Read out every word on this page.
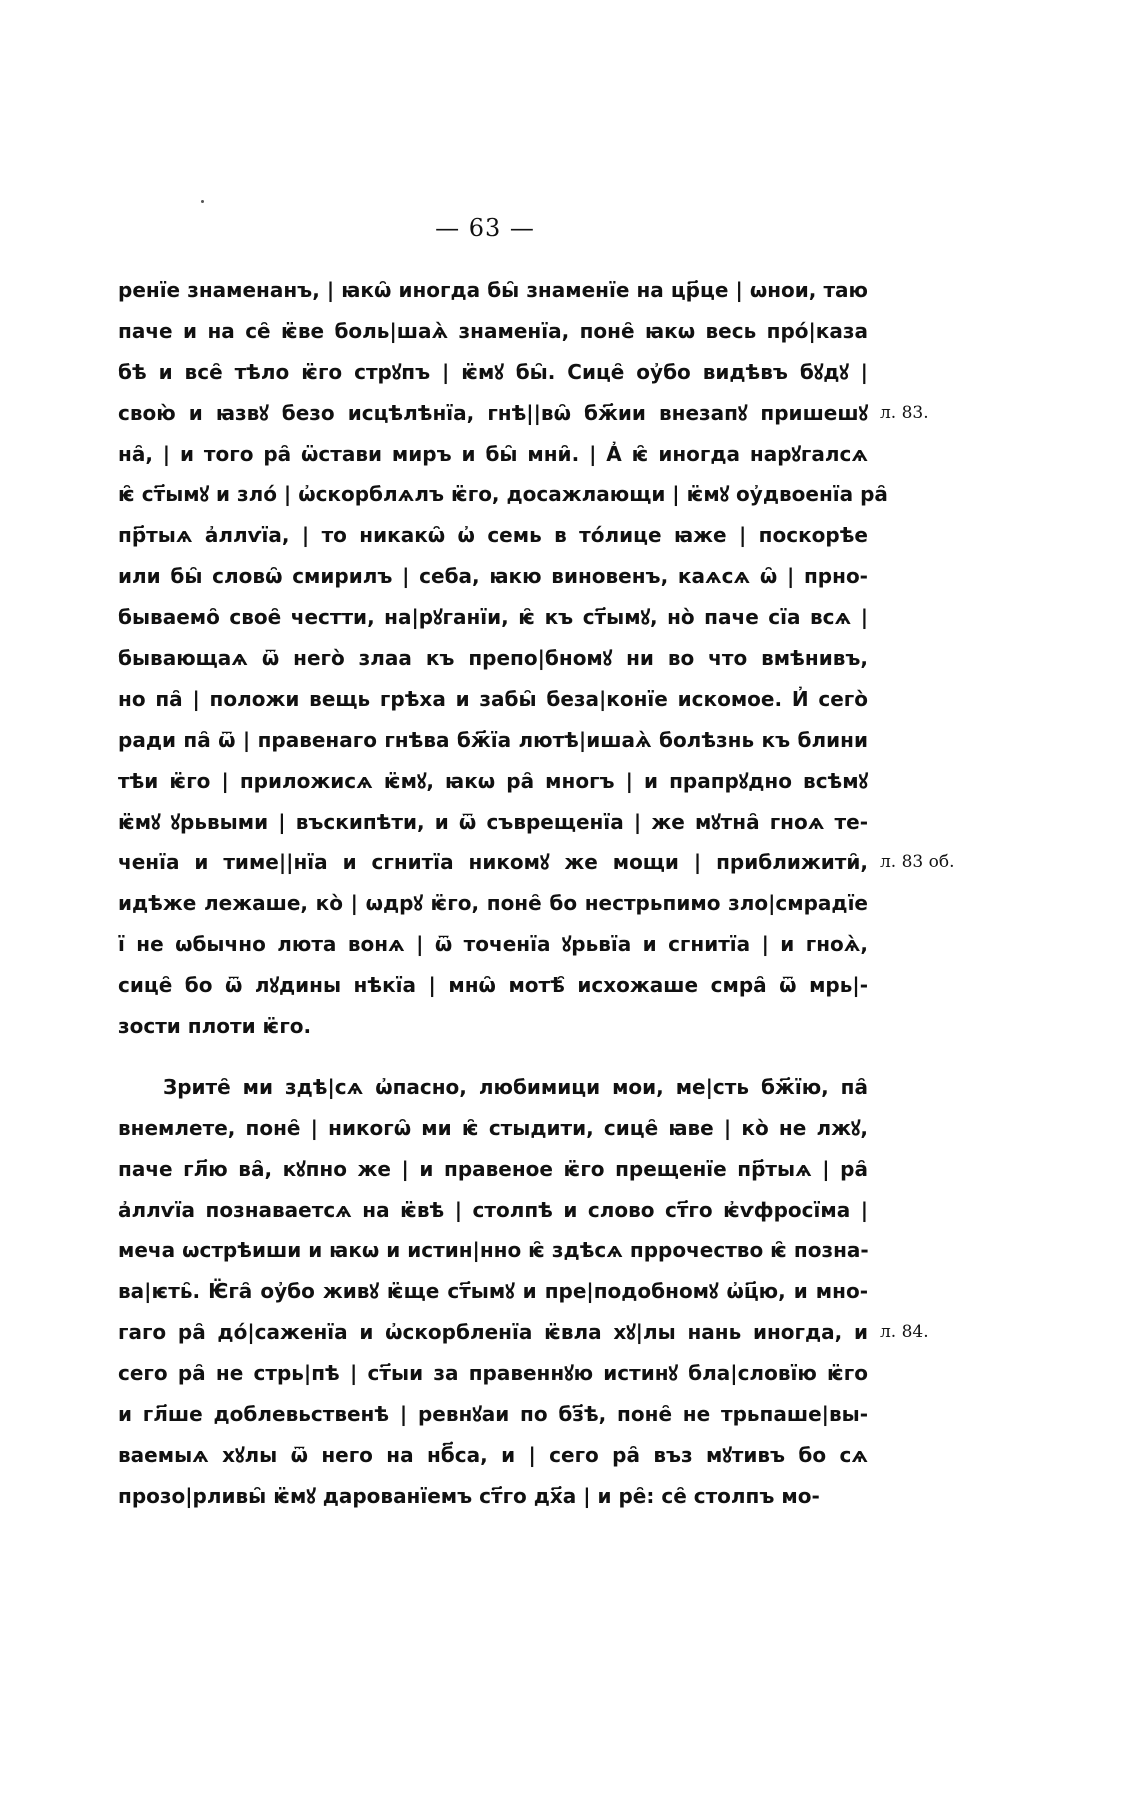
— 63 —
ренїе знаменанъ, | ꙗкѡ̑ иногда бы̑ знаменїе на цр҃це | ѡнои, таю
паче и на се̑ ѥ̈ве боль|шаѧ̀ знаменїа, поне̑ ꙗкѡ весь про́|каза
бѣ и все̑ тѣло ѥ̈го стрꙋпъ | ѥ̈мꙋ бы̑. Сице̑ оу҆бо видѣвъ бꙋдꙋ |
свою̀ и ꙗзвꙋ безо исцѣлѣнїа, гнѣ||вѡ̑ бж҃ии внезапꙋ пришешꙋ л. 83.
на̑, | и того ра̑ ѡ̈стави миръ и бы̑ мни̑. | А҆ ѥ̑ иногда нарꙋгалсѧ
ѥ̑ ст҃ымꙋ и зло́ | ѡ҆скорблѧлъ ѥ̈го, досажлающи | ѥ̈мꙋ оу҆двоенїа ра̑
пр҃тыѧ а҆ллѵїа, | то никакѡ̑ ѡ҆ семь в то́лице ꙗже | поскорѣе
или бы̑ словѡ̑ смирилъ | себа, ꙗкю виновенъ, каѧсѧ ѡ̑ | прно-
бываемо̑ свое̑ честти, на|рꙋганїи, ѥ̑ къ ст҃ымꙋ, но̀ паче сїа всѧ |
бывающаѧ ѿ него̀ злаа къ препо|бномꙋ ни во что вмѣнивъ,
но па̑ | положи вещь грѣха и забы̑ беза|конїе искомое. И҆ сего̀
ради па̑ ѿ | правенаго гнѣва бж҃їа лютѣ|ишаѧ̀ болѣзнь къ блини
тѣи ѥ̈го | приложисѧ ѥ̈мꙋ, ꙗкѡ ра̑ многъ | и прапрꙋдно всѣмꙋ
ѥ̈мꙋ ꙋрьвыми | въскипѣти, и ѿ съврещенїа | же мꙋтна̑ гноѧ те-
ченїа и тиме||нїа и сгнитїа никомꙋ же мощи | приближити̑, л. 83 об.
идѣже лежаше, ко̀ | ѡдрꙋ ѥ̈го, поне̑ бо нестрьпимо зло|смрадїе
ї не ѡбычно люта вонѧ | ѿ точенїа ꙋрьвїа и сгнитїа | и гноѧ̀,
сице̑ бо ѿ лꙋдины нѣкїа | мнѡ̑ мотѣ̑ исхожаше смра̑ ѿ мрь|-
зости плоти ѥ̈го.
Зрите̑ ми здѣ|сѧ ѡ҆пасно, любимици мои, ме|сть бж҃їю, па̑
внемлете, поне̑ | никогѡ̑ ми ѥ̑ стыдити, сице̑ ꙗве | ко̀ не лжꙋ,
паче гл҃ю ва̑, кꙋпно же | и правеное ѥ̈го прещенїе пр҃тыѧ | ра̑
а҆ллѵїа познаваетсѧ на ѥ̈вѣ | столпѣ и слово ст҃го ѥ҆ѵфросїма |
меча ѡстрѣиши и ꙗкѡ и истин|нно ѥ̑ здѣсѧ пррочество ѥ̑ позна-
ва|ѥть̑. Ѥ̈га̑ оу҆бо живꙋ ѥ̈ще ст҃ымꙋ и пре|подобномꙋ ѡ҆ц҃ю, и мно-
гаго ра̑ до́|саженїа и ѡ҆скорбленїа ѥ̈вла хꙋ|лы нань иногда, и л. 84.
сего ра̑ не стрь|пѣ | ст҃ыи за правеннꙋю истинꙋ бла|словїю ѥ̈го
и гл҃ше доблевьственѣ | ревнꙋаи по бз҃ѣ, поне̑ не трьпаше|вы-
ваемыѧ хꙋлы ѿ него на нб҃са, и | сего ра̑ въз мꙋтивъ бо сѧ
прозо|рливы̑ ѥ̈мꙋ дарованїемъ ст҃го дх҃а | и ре̑: се̑ столпъ мо-
